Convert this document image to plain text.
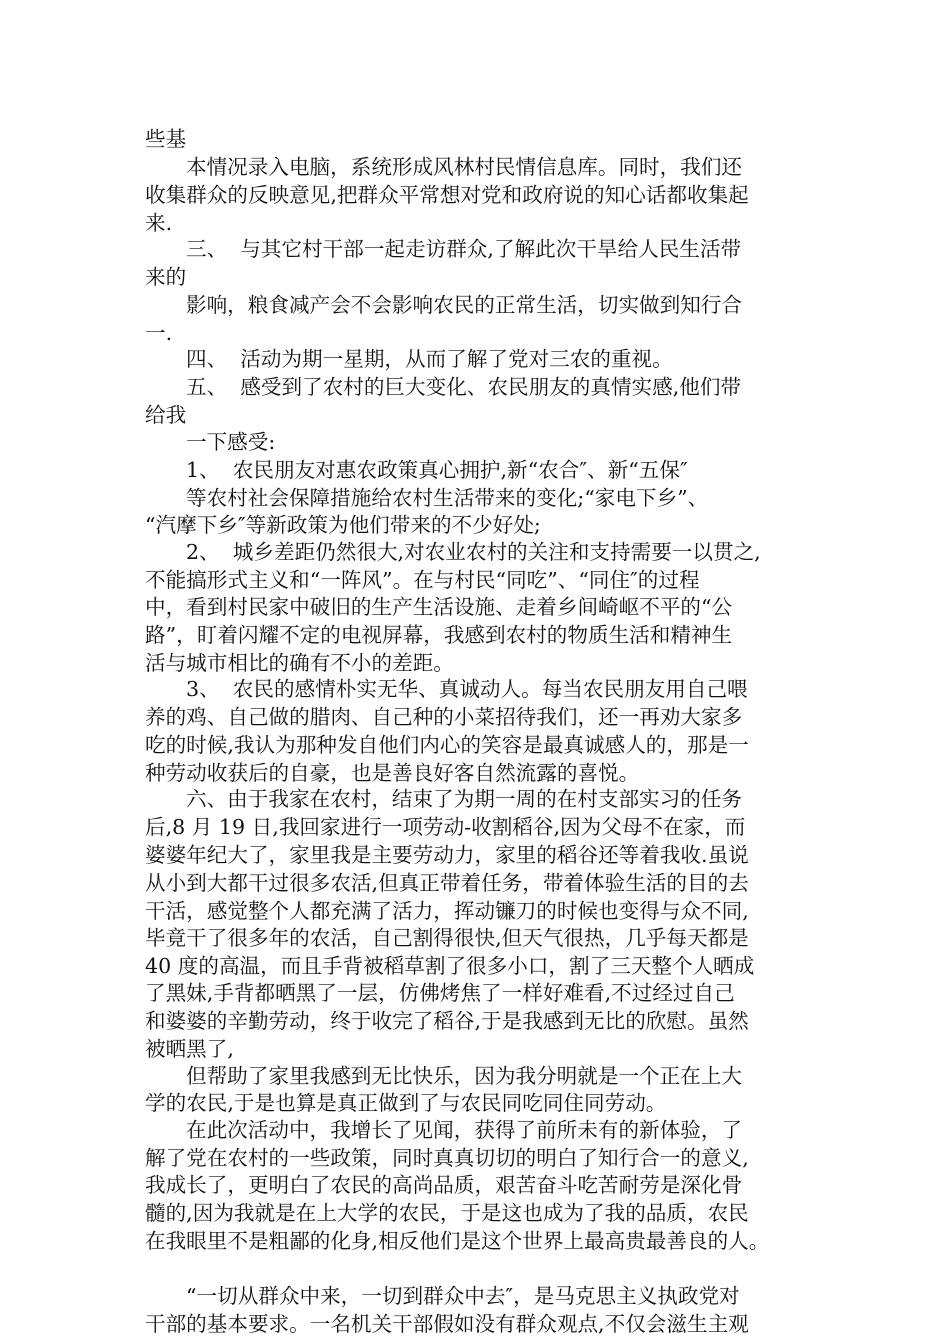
些基
本情况录入电脑，系统形成风林村民情信息库。同时，我们还
收集群众的反映意见,把群众平常想对党和政府说的知心话都收集起
来.
三、  与其它村干部一起走访群众,了解此次干旱给人民生活带
来的
影响，粮食减产会不会影响农民的正常生活，切实做到知行合
一.
四、  活动为期一星期，从而了解了党对三农的重视。
五、  感受到了农村的巨大变化、农民朋友的真情实感,他们带
给我
一下感受:
1、  农民朋友对惠农政策真心拥护,新“农合″、新“五保″
等农村社会保障措施给农村生活带来的变化;“家电下乡”、
“汽摩下乡″等新政策为他们带来的不少好处;
2、  城乡差距仍然很大,对农业农村的关注和支持需要一以贯之,
不能搞形式主义和“一阵风”。在与村民“同吃”、“同住″的过程
中，看到村民家中破旧的生产生活设施、走着乡间崎岖不平的“公
路”，盯着闪耀不定的电视屏幕，我感到农村的物质生活和精神生
活与城市相比的确有不小的差距。
3、  农民的感情朴实无华、真诚动人。每当农民朋友用自己喂
养的鸡、自己做的腊肉、自己种的小菜招待我们，还一再劝大家多
吃的时候,我认为那种发自他们内心的笑容是最真诚感人的，那是一
种劳动收获后的自豪，也是善良好客自然流露的喜悦。
六、由于我家在农村，结束了为期一周的在村支部实习的任务
后,8 月 19 日,我回家进行一项劳动-收割稻谷,因为父母不在家，而
婆婆年纪大了，家里我是主要劳动力，家里的稻谷还等着我收.虽说
从小到大都干过很多农活,但真正带着任务，带着体验生活的目的去
干活，感觉整个人都充满了活力，挥动镰刀的时候也变得与众不同,
毕竟干了很多年的农活，自己割得很快,但天气很热，几乎每天都是
40 度的高温，而且手背被稻草割了很多小口，割了三天整个人晒成
了黑妹,手背都晒黑了一层，仿佛烤焦了一样好难看,不过经过自己
和婆婆的辛勤劳动，终于收完了稻谷,于是我感到无比的欣慰。虽然
被晒黑了,
但帮助了家里我感到无比快乐，因为我分明就是一个正在上大
学的农民,于是也算是真正做到了与农民同吃同住同劳动。
在此次活动中，我增长了见闻，获得了前所未有的新体验，了
解了党在农村的一些政策，同时真真切切的明白了知行合一的意义,
我成长了，更明白了农民的高尚品质，艰苦奋斗吃苦耐劳是深化骨
髓的,因为我就是在上大学的农民，于是这也成为了我的品质，农民
在我眼里不是粗鄙的化身,相反他们是这个世界上最高贵最善良的人。
“一切从群众中来，一切到群众中去″，是马克思主义执政党对
干部的基本要求。一名机关干部假如没有群众观点,不仅会滋生主观
